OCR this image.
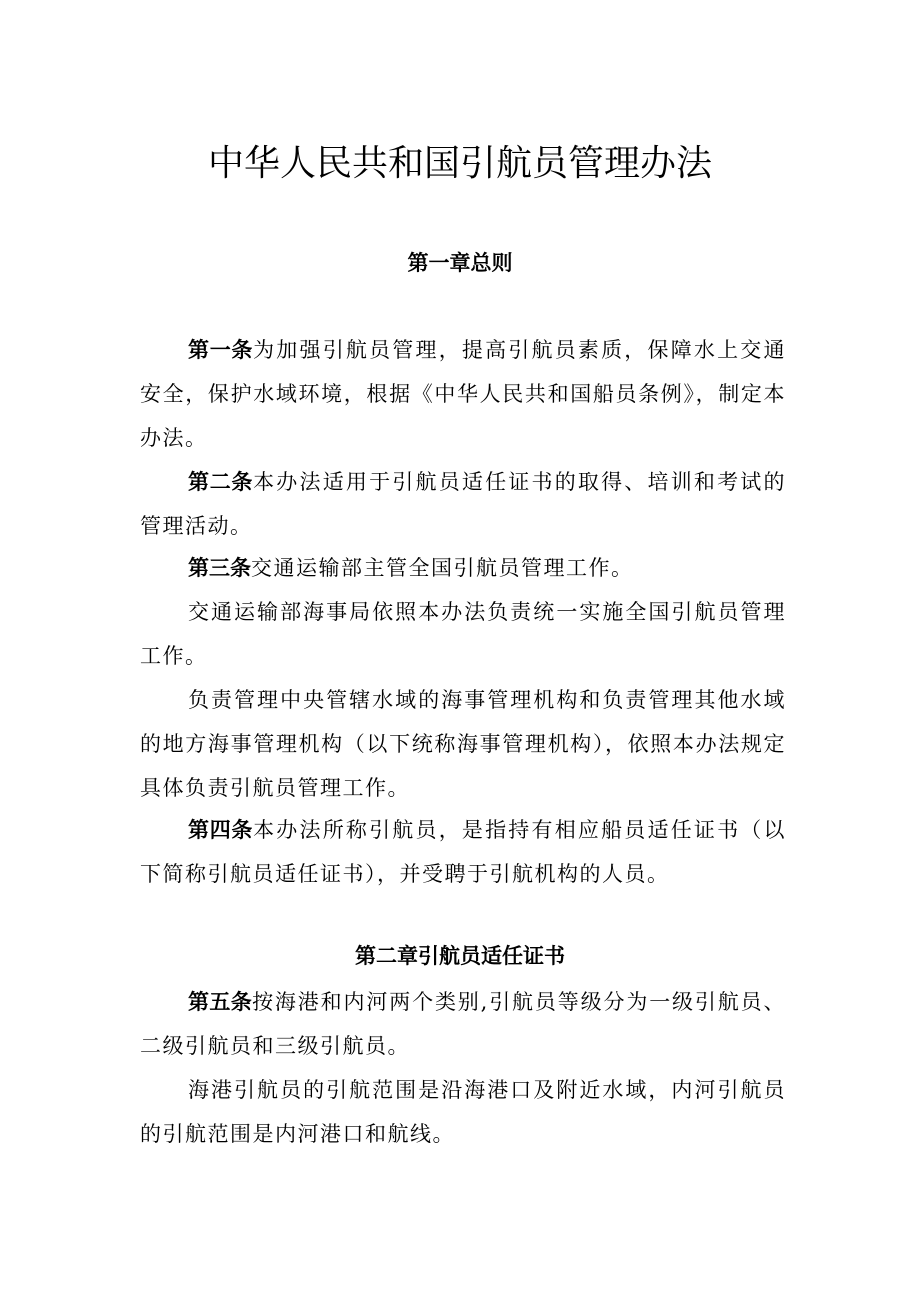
中华人民共和国引航员管理办法
第一章总则

第一条为加强引航员管理，提高引航员素质，保障水上交通安全，保护水域环境，根据《中华人民共和国船员条例》，制定本办法。

第二条本办法适用于引航员适任证书的取得、培训和考试的管理活动。

第三条交通运输部主管全国引航员管理工作。

交通运输部海事局依照本办法负责统一实施全国引航员管理工作。

负责管理中央管辖水域的海事管理机构和负责管理其他水域的地方海事管理机构（以下统称海事管理机构），依照本办法规定具体负责引航员管理工作。

第四条本办法所称引航员，是指持有相应船员适任证书（以下简称引航员适任证书），并受聘于引航机构的人员。

第二章引航员适任证书

第五条按海港和内河两个类别,引航员等级分为一级引航员、二级引航员和三级引航员。

海港引航员的引航范围是沿海港口及附近水域，内河引航员的引航范围是内河港口和航线。
